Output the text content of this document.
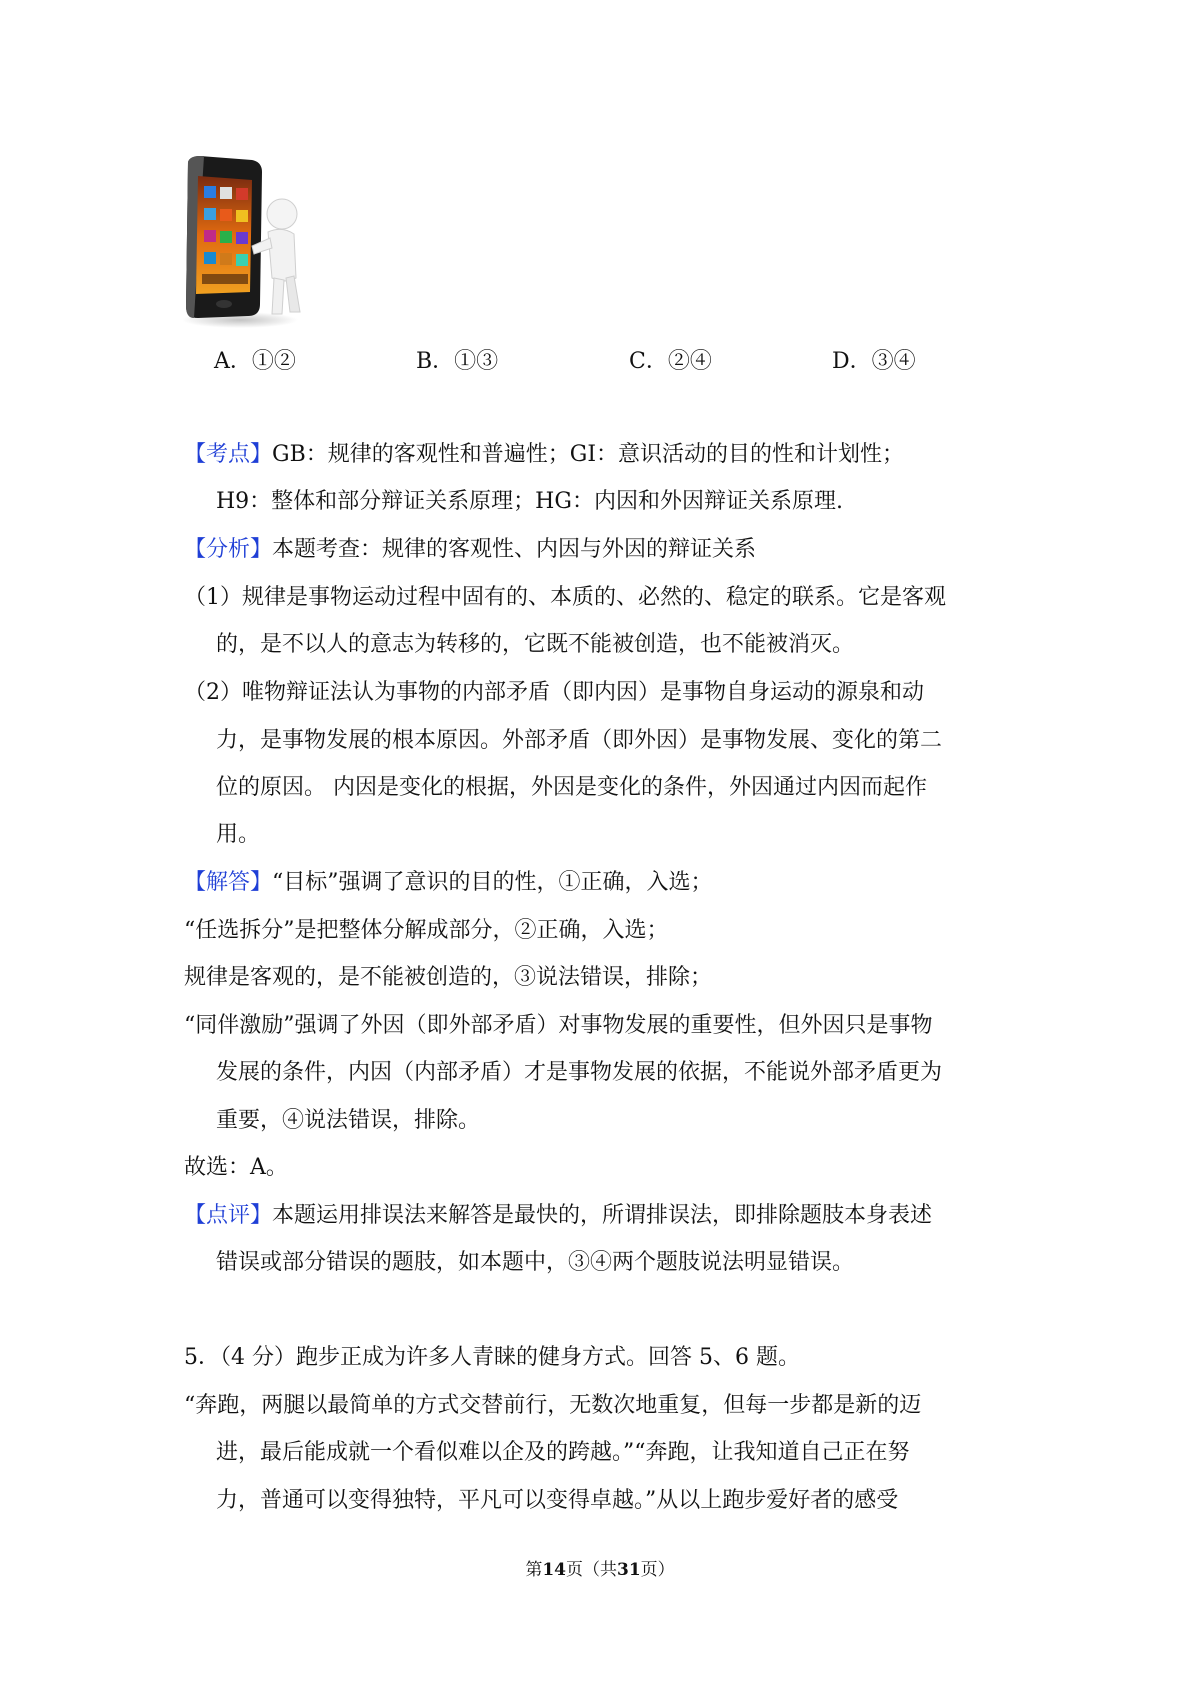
A．①②	B．①③	C．②④	D．③④
【考点】GB：规律的客观性和普遍性；GI：意识活动的目的性和计划性；
H9：整体和部分辩证关系原理；HG：内因和外因辩证关系原理.
【分析】本题考查：规律的客观性、内因与外因的辩证关系
（1）规律是事物运动过程中固有的、本质的、必然的、稳定的联系。它是客观
的，是不以人的意志为转移的，它既不能被创造，也不能被消灭。
（2）唯物辩证法认为事物的内部矛盾（即内因）是事物自身运动的源泉和动
力，是事物发展的根本原因。外部矛盾（即外因）是事物发展、变化的第二
位的原因。 内因是变化的根据，外因是变化的条件，外因通过内因而起作
用。
【解答】“目标”强调了意识的目的性，①正确，入选；
“任选拆分”是把整体分解成部分，②正确，入选；
规律是客观的，是不能被创造的，③说法错误，排除；
“同伴激励”强调了外因（即外部矛盾）对事物发展的重要性，但外因只是事物
发展的条件，内因（内部矛盾）才是事物发展的依据，不能说外部矛盾更为
重要，④说法错误，排除。
故选：A。
【点评】本题运用排误法来解答是最快的，所谓排误法，即排除题肢本身表述
错误或部分错误的题肢，如本题中，③④两个题肢说法明显错误。
5．（4 分）跑步正成为许多人青睐的健身方式。回答 5、6 题。
“奔跑，两腿以最简单的方式交替前行，无数次地重复，但每一步都是新的迈
进，最后能成就一个看似难以企及的跨越。”“奔跑，让我知道自己正在努
力，普通可以变得独特，平凡可以变得卓越。”从以上跑步爱好者的感受
第14页（共31页）
